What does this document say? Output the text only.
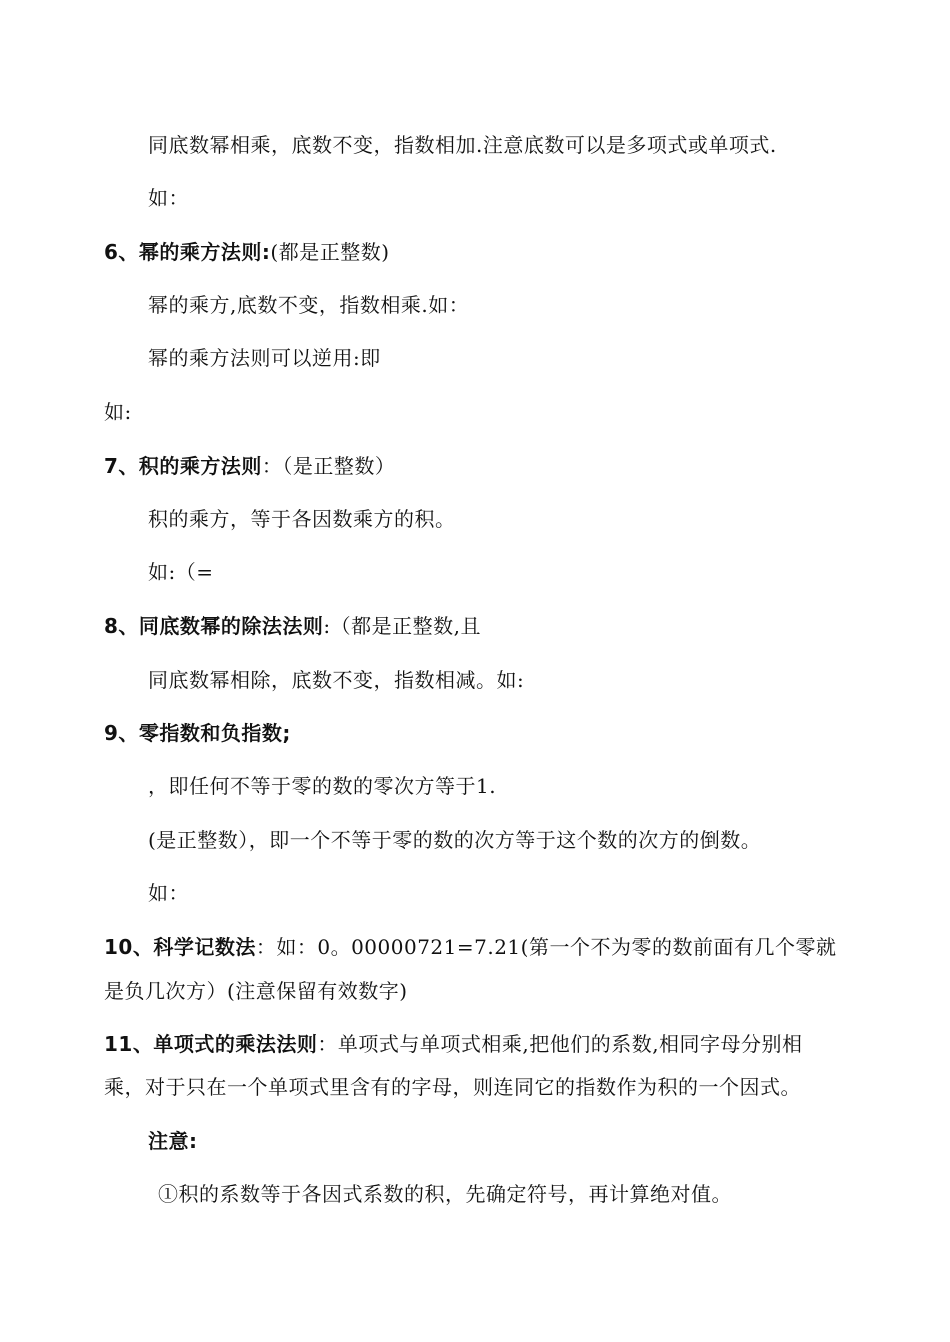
同底数幂相乘，底数不变，指数相加.注意底数可以是多项式或单项式.
如：
6、幂的乘方法则:(都是正整数)
幂的乘方,底数不变，指数相乘.如：
幂的乘方法则可以逆用:即
如:
7、积的乘方法则：（是正整数）
积的乘方，等于各因数乘方的积。
如:（=
8、同底数幂的除法法则:（都是正整数,且
同底数幂相除，底数不变，指数相减。如:
9、零指数和负指数;
，即任何不等于零的数的零次方等于1.
(是正整数），即一个不等于零的数的次方等于这个数的次方的倒数。
如：
10、科学记数法：如：0。00000721=7.21(第一个不为零的数前面有几个零就
是负几次方）(注意保留有效数字)
11、单项式的乘法法则：单项式与单项式相乘,把他们的系数,相同字母分别相
乘，对于只在一个单项式里含有的字母，则连同它的指数作为积的一个因式。
注意:
①积的系数等于各因式系数的积，先确定符号，再计算绝对值。
